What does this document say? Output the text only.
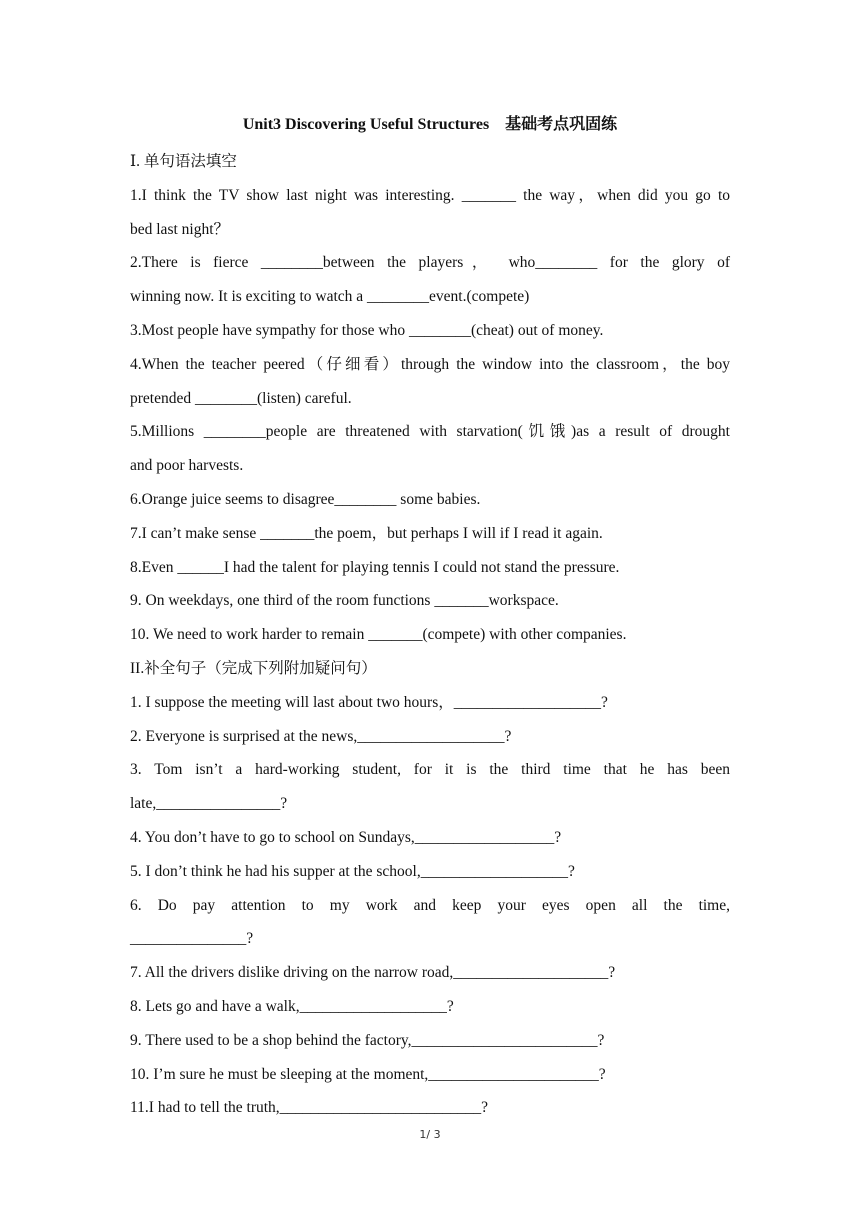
Unit3 Discovering Useful Structures    基础考点巩固练
Ⅰ. 单句语法填空
1.I think the TV show last night was interesting. _______ the way，when did you go to
bed last night？
2.There is fierce ________between the players， who________ for the glory of
winning now. It is exciting to watch a ________event.(compete)
3.Most people have sympathy for those who ________(cheat) out of money.
4.When the teacher peered（仔细看）through the window into the classroom，the boy
pretended ________(listen) careful.
5.Millions ________people are threatened with starvation(饥饿)as a result of drought
and poor harvests.
6.Orange juice seems to disagree________ some babies.
7.I can’t make sense _______the poem，but perhaps I will if I read it again.
8.Even ______I had the talent for playing tennis I could not stand the pressure.
9. On weekdays, one third of the room functions _______workspace.
10. We need to work harder to remain _______(compete) with other companies.
II.补全句子（完成下列附加疑问句）
1. I suppose the meeting will last about two hours，___________________?
2. Everyone is surprised at the news,___________________?
3. Tom isn’t a hard-working student, for it is the third time that he has been
late,________________?
4. You don’t have to go to school on Sundays,__________________?
5. I don’t think he had his supper at the school,___________________?
6. Do pay attention to my work and keep your eyes open all the time,
_______________?
7. All the drivers dislike driving on the narrow road,____________________?
8. Lets go and have a walk,___________________?
9. There used to be a shop behind the factory,________________________?
10. I’m sure he must be sleeping at the moment,______________________?
11.I had to tell the truth,__________________________?
1/ 3
